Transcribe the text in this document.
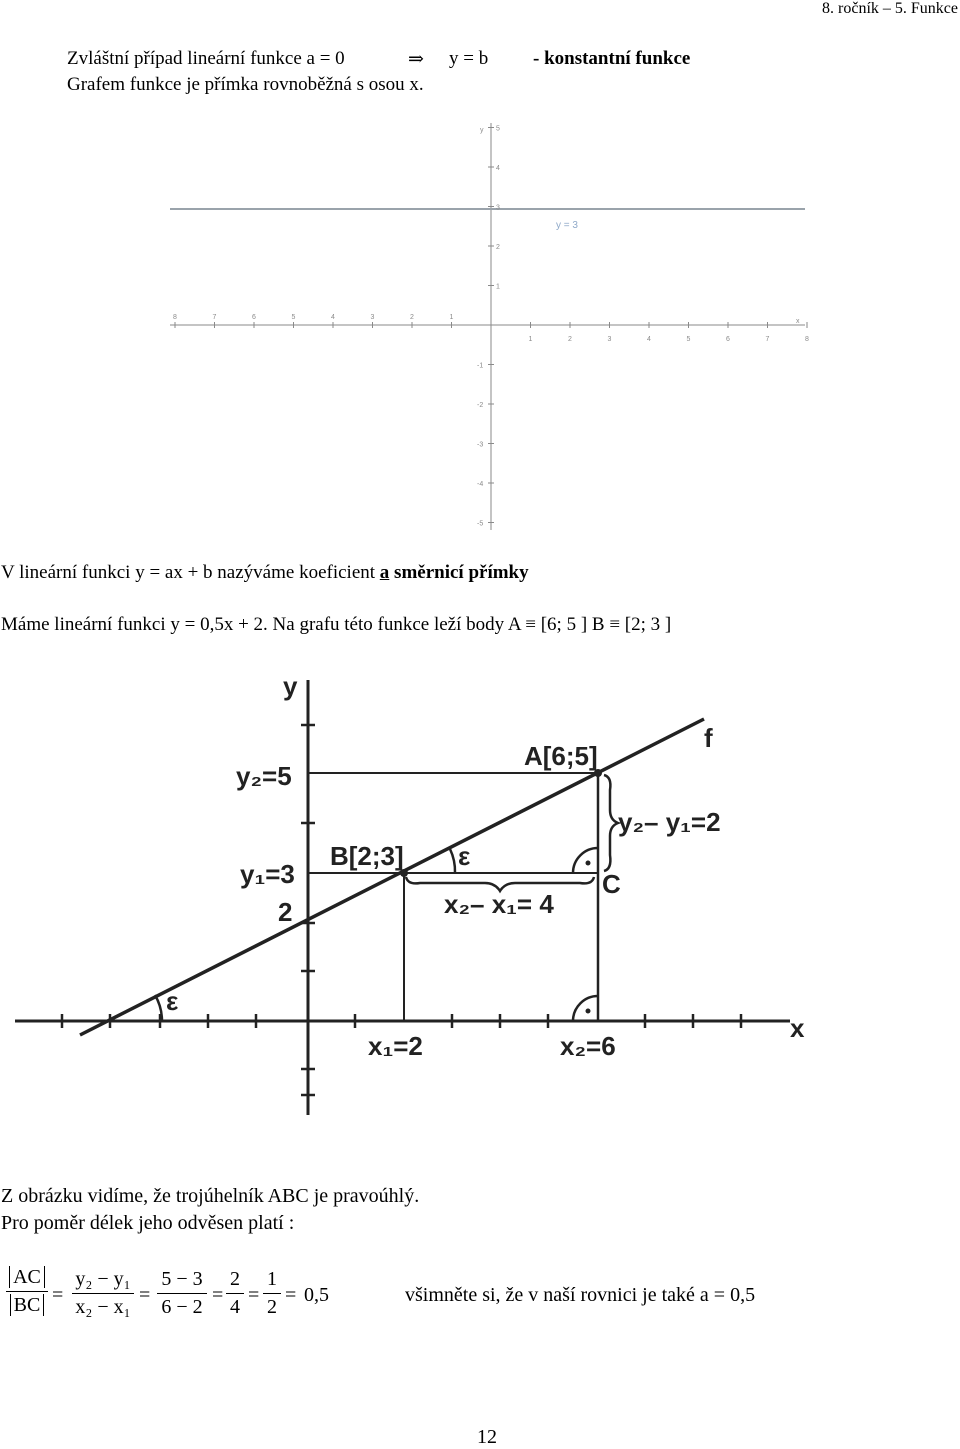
8. ročník – 5. Funkce
Zvláštní případ lineární funkce a = 0	⇒ y = b - konstantní funkce
Grafem funkce je přímka rovnoběžná s osou x.
8	7	6	5	4	3	2	1
1	2	3	4	5	6	7	8
5
4
3
2
1
-1
-2
-3
-4
-5
y = 3
x
y
V lineární funkci y = ax + b nazýváme koeficient a směrnicí přímky
Máme lineární funkci y = 0,5x + 2. Na grafu této funkce leží body A ≡ [6; 5 ] B ≡ [2; 3 ]
y
x
f
A[6;5]
B[2;3]
C
y₂=5
y₁=3
2
x₁=2	x₂=6
y₂– y₁=2
x₂– x₁= 4
ε
ε
Z obrázku vidíme, že trojúhelník ABC je pravoúhlý.
Pro poměr délek jeho odvěsen platí :
$\frac{AC}{BC} = \frac{\text{y₂ − y₁}}{\text{x₂ − x₁}} = \frac{5 - 3}{6 - 2} = \frac{2}{4} = \frac{1}{2} = 0,5$	všimněte si, že v naší rovnici je také a = 0,5
12
